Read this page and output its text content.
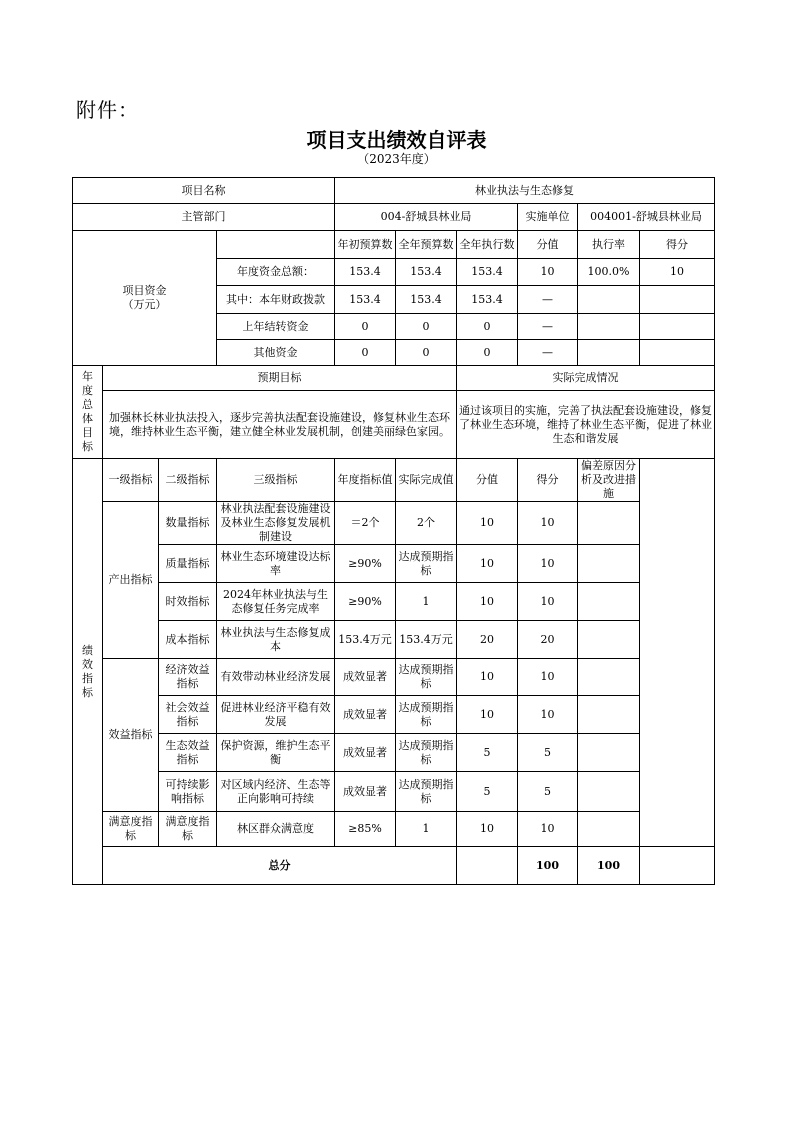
附件：
项目支出绩效自评表
（2023年度）
项目名称				林业执法与生态修复					
主管部门				004-舒城县林业局			实施单位	004001-舒城县林业局	
项目资金
（万元）				年初预算数	全年预算数	全年执行数	分值	执行率	得分
			年度资金总额：	153.4	153.4	153.4	10	100.0%	10
			其中：本年财政拨款	153.4	153.4	153.4	—		
			上年结转资金	0	0	0	—		
			其他资金	0	0	0	—		
年度总体目标	预期目标					实际完成情况			
	加强林长林业执法投入，逐步完善执法配套设施建设，修复林业生态环境，维持林业生态平衡，建立健全林业发展机制，创建美丽绿色家园。					通过该项目的实施，完善了执法配套设施建设，修复了林业生态环境，维持了林业生态平衡，促进了林业生态和谐发展			
绩效指标	一级指标	二级指标	三级指标	年度指标值	实际完成值	分值	得分	偏差原因分析及改进措施	
	产出指标	数量指标	林业执法配套设施建设及林业生态修复发展机制建设	＝2个	2个	10	10		
		质量指标	林业生态环境建设达标率	≥90%	达成预期指标	10	10		
		时效指标	2024年林业执法与生态修复任务完成率	≥90%	1	10	10		
		成本指标	林业执法与生态修复成本	153.4万元	153.4万元	20	20		
	效益指标	经济效益指标	有效带动林业经济发展	成效显著	达成预期指标	10	10		
		社会效益指标	促进林业经济平稳有效发展	成效显著	达成预期指标	10	10		
		生态效益指标	保护资源，维护生态平衡	成效显著	达成预期指标	5	5		
		可持续影响指标	对区域内经济、生态等正向影响可持续	成效显著	达成预期指标	5	5		
	满意度指标	满意度指标	林区群众满意度	≥85%	1	10	10		
	总分						100	100	
